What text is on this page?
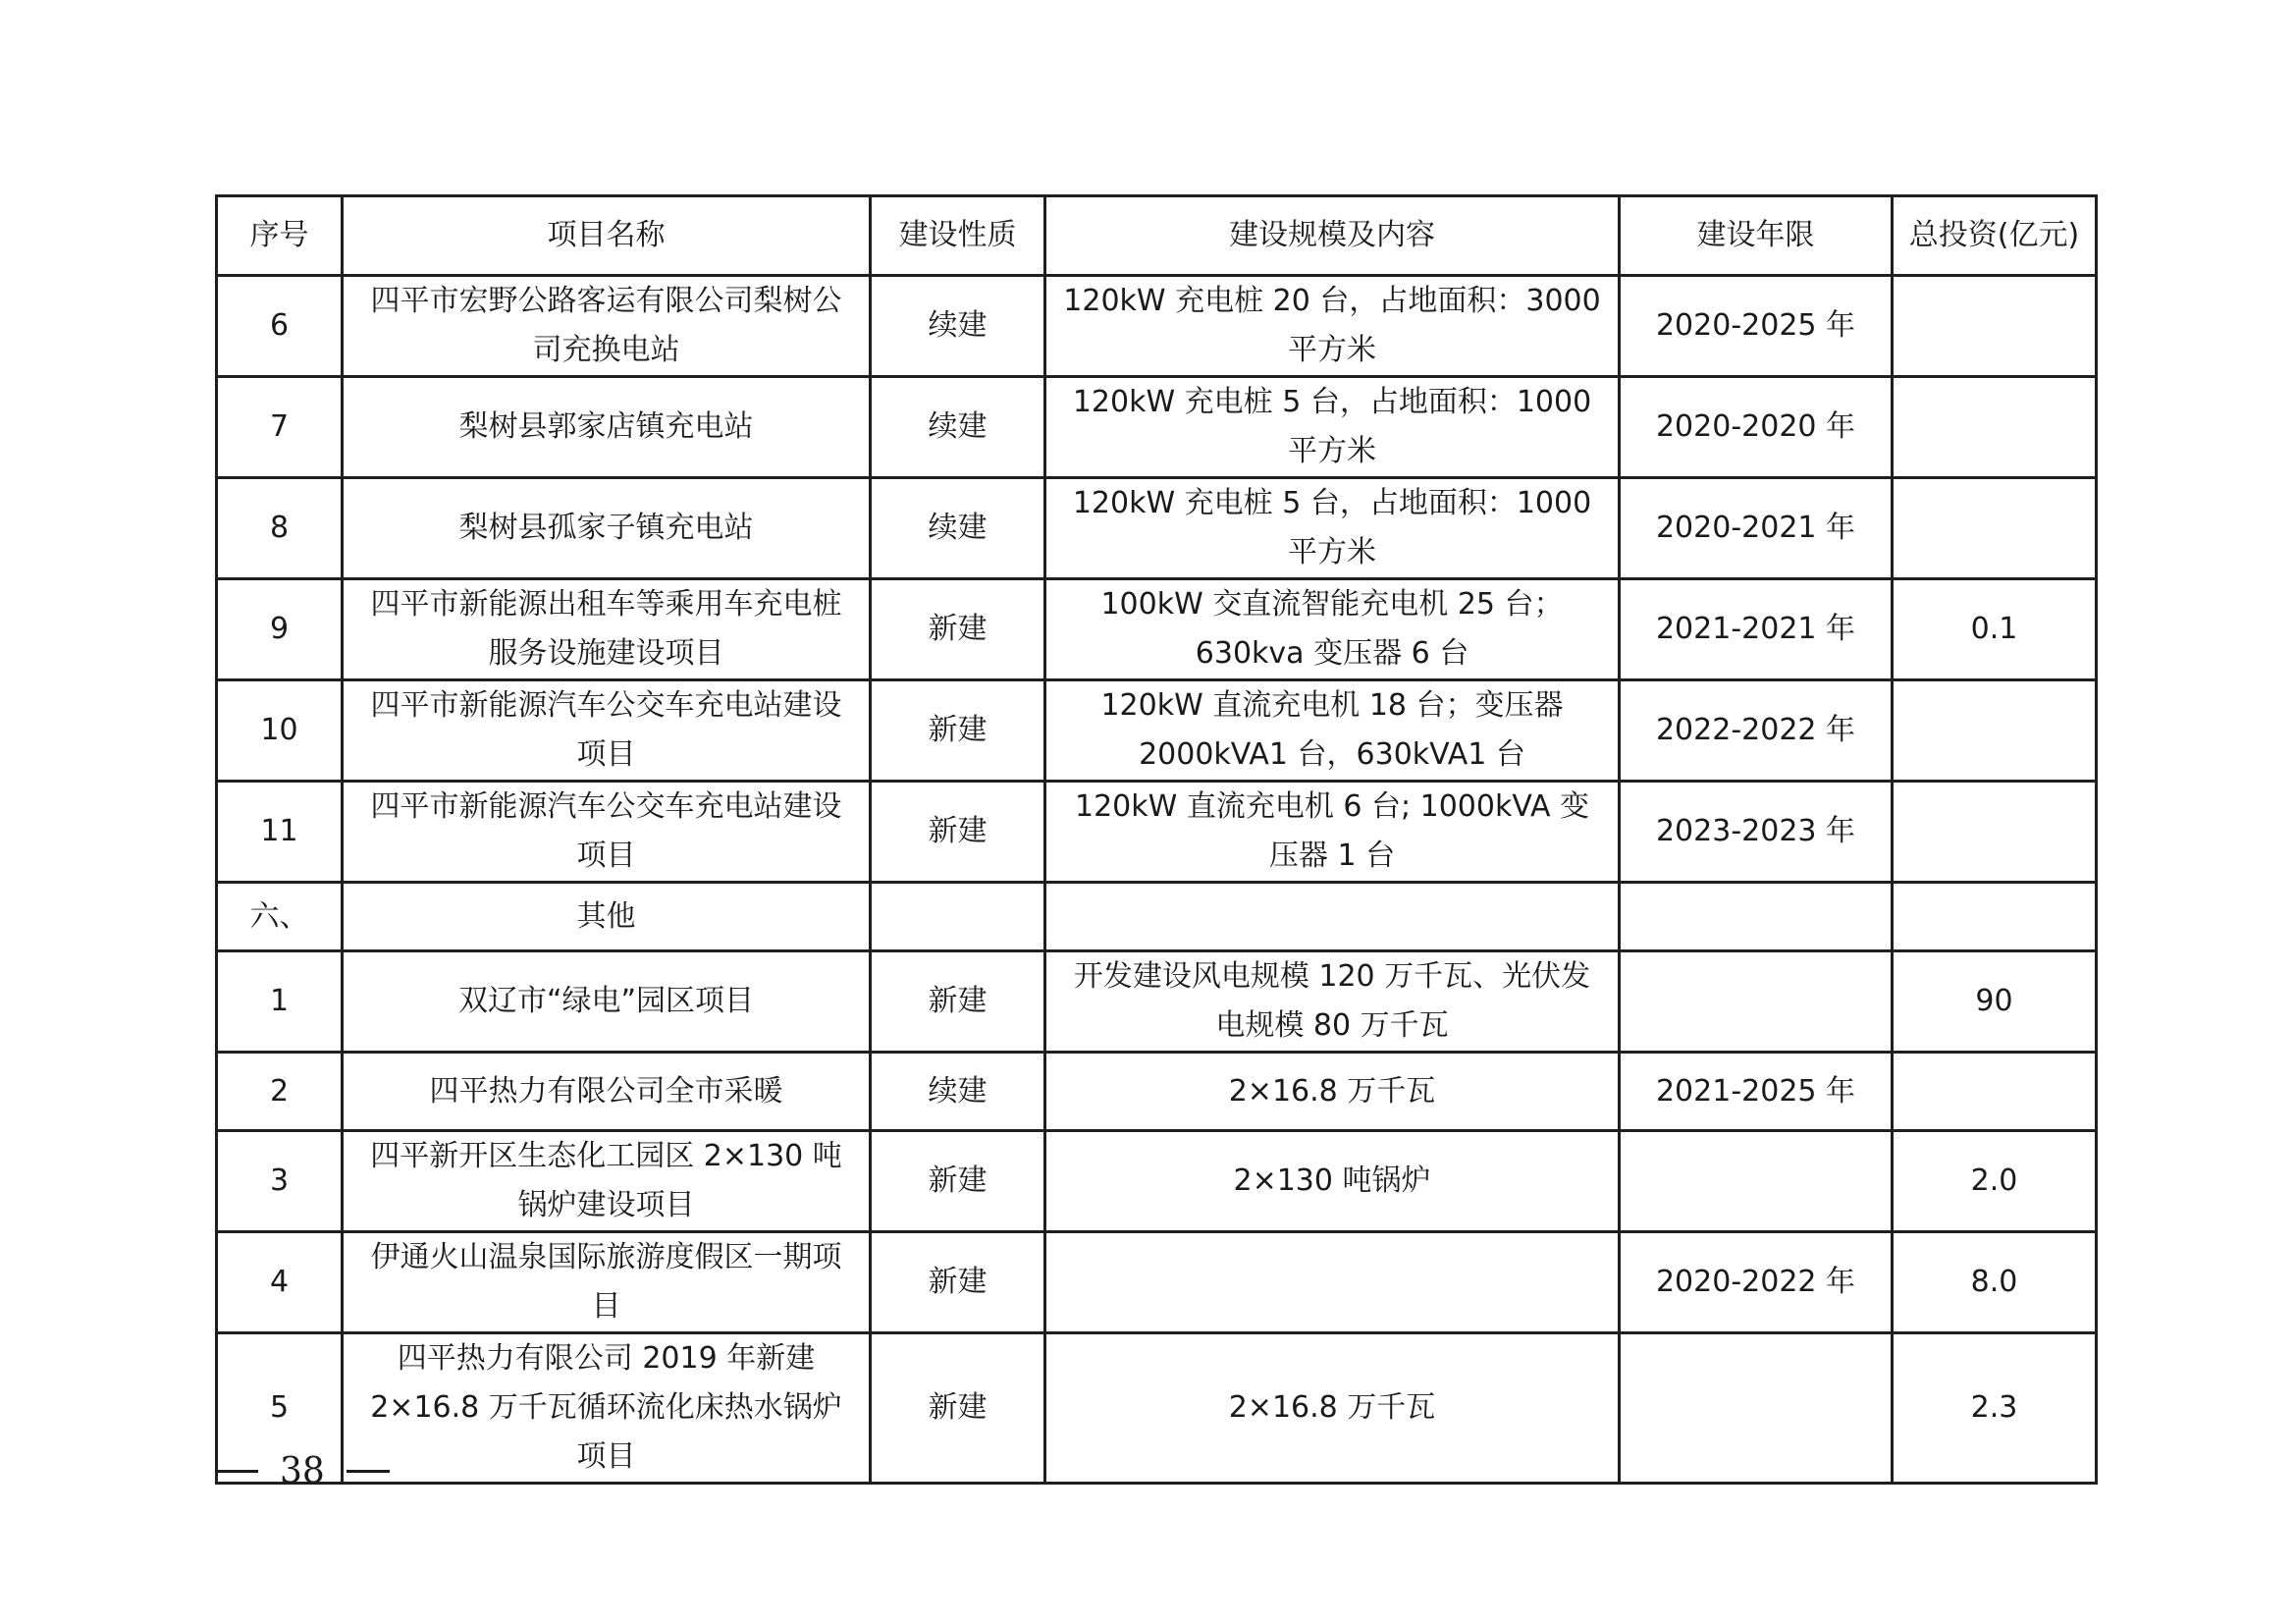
序号	项目名称	建设性质	建设规模及内容	建设年限	总投资(亿元)
6	四平市宏野公路客运有限公司梨树公司充换电站	续建	120kW 充电桩 20 台，占地面积：3000 平方米	2020-2025 年	
7	梨树县郭家店镇充电站	续建	120kW 充电桩 5 台，占地面积：1000 平方米	2020-2020 年	
8	梨树县孤家子镇充电站	续建	120kW 充电桩 5 台，占地面积：1000 平方米	2020-2021 年	
9	四平市新能源出租车等乘用车充电桩服务设施建设项目	新建	100kW 交直流智能充电机 25 台；630kva 变压器 6 台	2021-2021 年	0.1
10	四平市新能源汽车公交车充电站建设项目	新建	120kW 直流充电机 18 台；变压器 2000kVA1 台，630kVA1 台	2022-2022 年	
11	四平市新能源汽车公交车充电站建设项目	新建	120kW 直流充电机 6 台; 1000kVA 变压器 1 台	2023-2023 年	
六、	其他				
1	双辽市“绿电”园区项目	新建	开发建设风电规模 120 万千瓦、光伏发电规模 80 万千瓦		90
2	四平热力有限公司全市采暖	续建	2×16.8 万千瓦	2021-2025 年	
3	四平新开区生态化工园区 2×130 吨锅炉建设项目	新建	2×130 吨锅炉		2.0
4	伊通火山温泉国际旅游度假区一期项目	新建		2020-2022 年	8.0
5	四平热力有限公司 2019 年新建 2×16.8 万千瓦循环流化床热水锅炉项目	新建	2×16.8 万千瓦		2.3
38
